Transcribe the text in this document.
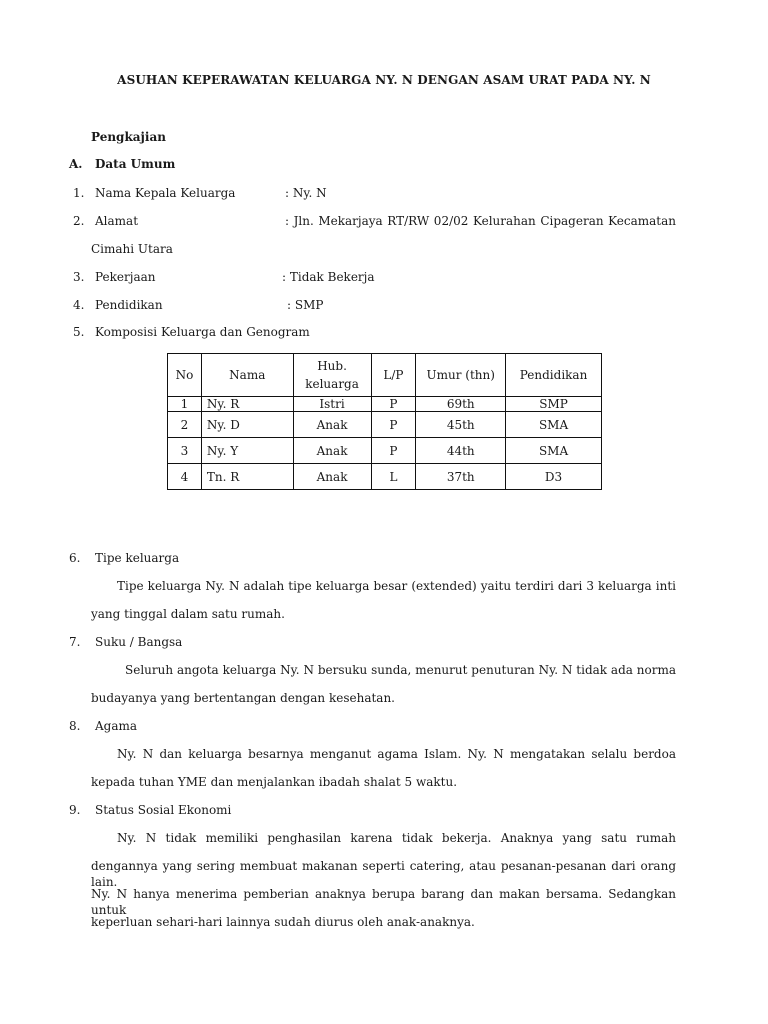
ASUHAN KEPERAWATAN KELUARGA NY. N DENGAN ASAM URAT PADA NY. N
Pengkajian
A. Data Umum
1. Nama Kepala Keluarga	: Ny. N
2. Alamat	: Jln. Mekarjaya RT/RW 02/02 Kelurahan Cipageran Kecamatan
Cimahi Utara
3. Pekerjaan	: Tidak Bekerja
4. Pendidikan	: SMP
5. Komposisi Keluarga dan Genogram
No	Nama	Hub. keluarga	L/P	Umur (thn)	Pendidikan
1	Ny. R	Istri	P	69th	SMP
2	Ny. D	Anak	P	45th	SMA
3	Ny. Y	Anak	P	44th	SMA
4	Tn. R	Anak	L	37th	D3
6. Tipe keluarga
Tipe keluarga Ny. N adalah tipe keluarga besar (extended) yaitu terdiri dari 3 keluarga inti
yang tinggal dalam satu rumah.
7. Suku / Bangsa
Seluruh angota keluarga Ny. N bersuku sunda, menurut penuturan Ny. N tidak ada norma
budayanya yang bertentangan dengan kesehatan.
8. Agama
Ny. N dan keluarga besarnya menganut agama Islam. Ny. N mengatakan selalu berdoa
kepada tuhan YME dan menjalankan ibadah shalat 5 waktu.
9. Status Sosial Ekonomi
Ny. N tidak memiliki penghasilan karena tidak bekerja. Anaknya yang satu rumah
dengannya yang sering membuat makanan seperti catering, atau pesanan-pesanan dari orang lain.
Ny. N hanya menerima pemberian anaknya berupa barang dan makan bersama. Sedangkan untuk
keperluan sehari-hari lainnya sudah diurus oleh anak-anaknya.
